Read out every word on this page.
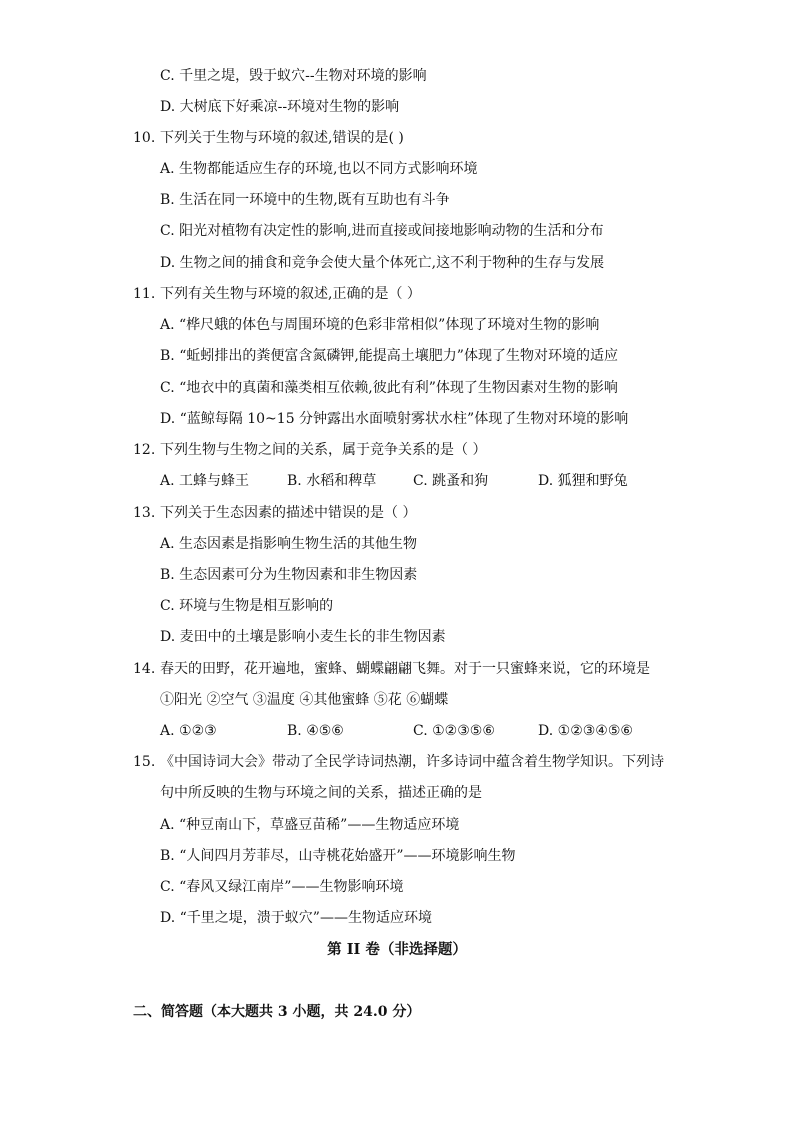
C. 千里之堤，毁于蚁穴--生物对环境的影响
D. 大树底下好乘凉--环境对生物的影响
10. 下列关于生物与环境的叙述,错误的是( )
A. 生物都能适应生存的环境,也以不同方式影响环境
B. 生活在同一环境中的生物,既有互助也有斗争
C. 阳光对植物有决定性的影响,进而直接或间接地影响动物的生活和分布
D. 生物之间的捕食和竞争会使大量个体死亡,这不利于物种的生存与发展
11. 下列有关生物与环境的叙述,正确的是（ ）
A. “桦尺蛾的体色与周围环境的色彩非常相似”体现了环境对生物的影响
B. “蚯蚓排出的粪便富含氮磷钾,能提高土壤肥力”体现了生物对环境的适应
C. “地衣中的真菌和藻类相互依赖,彼此有利”体现了生物因素对生物的影响
D. “蓝鲸每隔 10~15 分钟露出水面喷射雾状水柱”体现了生物对环境的影响
12. 下列生物与生物之间的关系，属于竞争关系的是（ ）
A. 工蜂与蜂王	B. 水稻和稗草	C. 跳蚤和狗	D. 狐狸和野兔
13. 下列关于生态因素的描述中错误的是（ ）
A. 生态因素是指影响生物生活的其他生物
B. 生态因素可分为生物因素和非生物因素
C. 环境与生物是相互影响的
D. 麦田中的土壤是影响小麦生长的非生物因素
14. 春天的田野，花开遍地，蜜蜂、蝴蝶翩翩飞舞。对于一只蜜蜂来说，它的环境是
①阳光 ②空气 ③温度 ④其他蜜蜂 ⑤花 ⑥蝴蝶
A. ①②③	B. ④⑤⑥	C. ①②③⑤⑥	D. ①②③④⑤⑥
15. 《中国诗词大会》带动了全民学诗词热潮，许多诗词中蕴含着生物学知识。下列诗
句中所反映的生物与环境之间的关系，描述正确的是
A. “种豆南山下，草盛豆苗稀”——生物适应环境
B. “人间四月芳菲尽，山寺桃花始盛开”——环境影响生物
C. “春风又绿江南岸”——生物影响环境
D. “千里之堤，溃于蚁穴”——生物适应环境
第 II 卷（非选择题）
二、简答题（本大题共 3 小题，共 24.0 分）
